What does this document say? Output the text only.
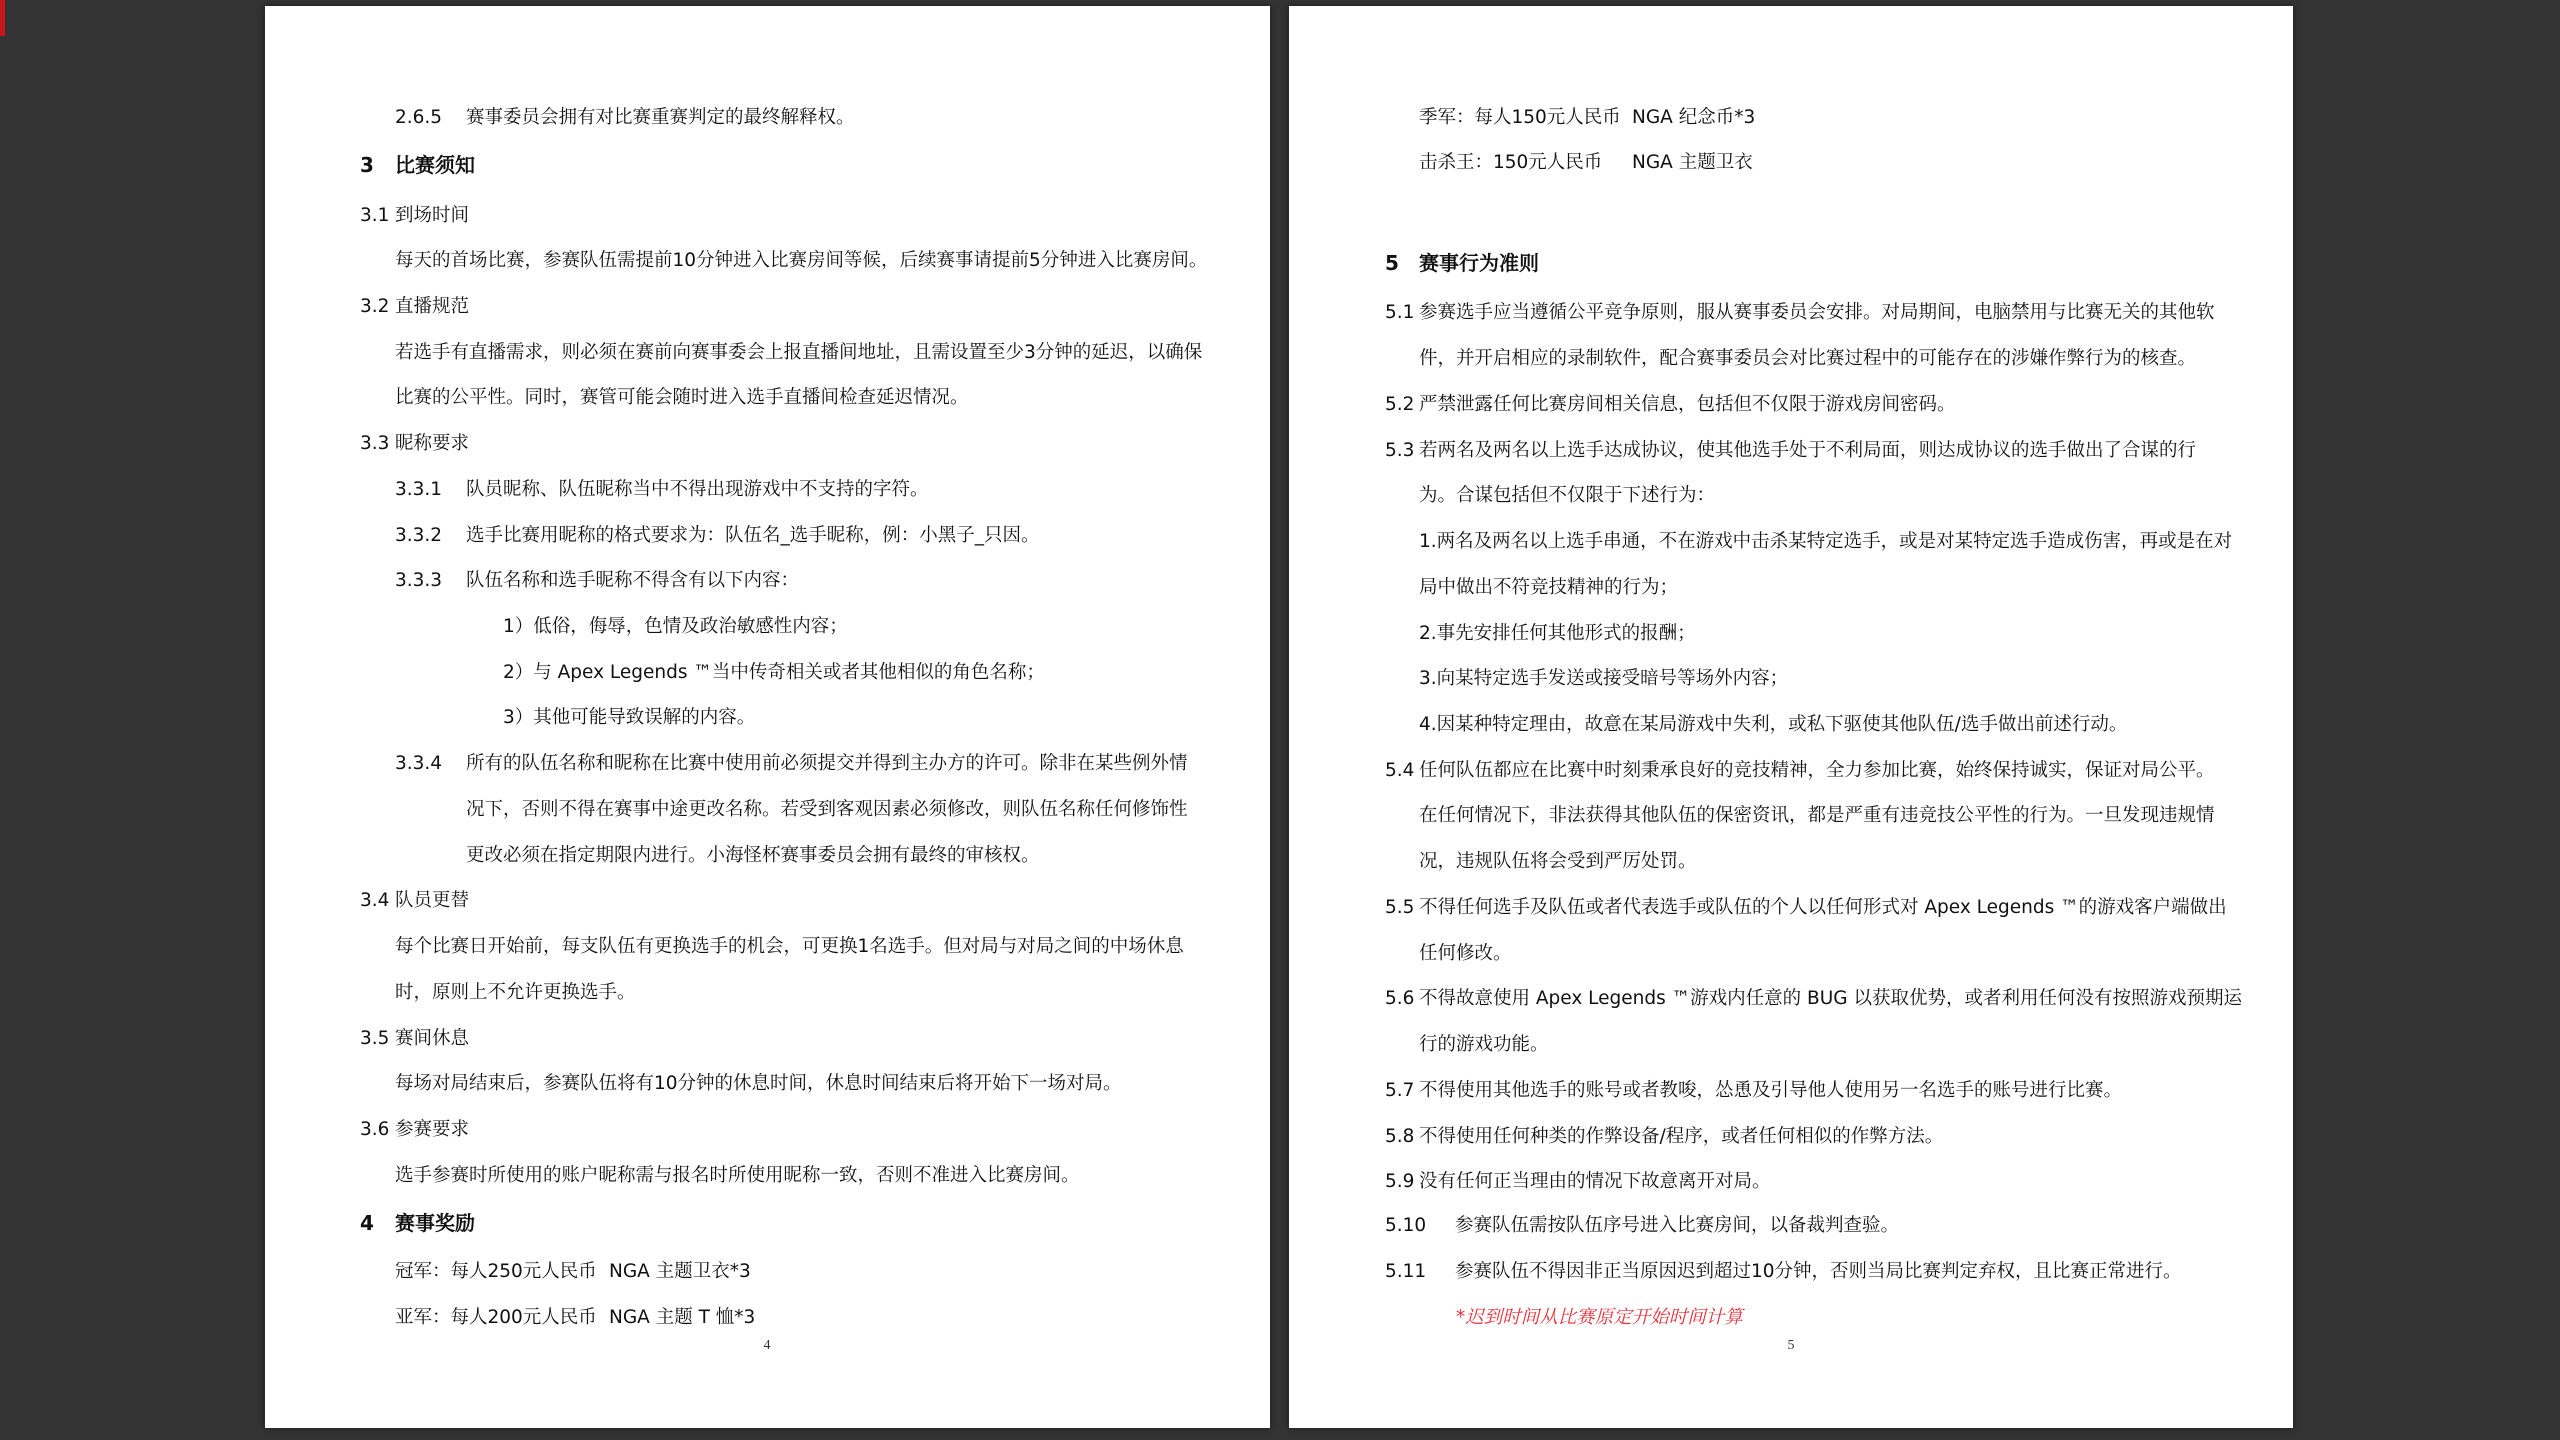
2.6.5 赛事委员会拥有对比赛重赛判定的最终解释权。
3 比赛须知
3.1 到场时间
每天的首场比赛，参赛队伍需提前10分钟进入比赛房间等候，后续赛事请提前5分钟进入比赛房间。
3.2 直播规范
若选手有直播需求，则必须在赛前向赛事委会上报直播间地址，且需设置至少3分钟的延迟，以确保
比赛的公平性。同时，赛管可能会随时进入选手直播间检查延迟情况。
3.3 昵称要求
3.3.1 队员昵称、队伍昵称当中不得出现游戏中不支持的字符。
3.3.2 选手比赛用昵称的格式要求为：队伍名_选手昵称，例：小黑子_只因。
3.3.3 队伍名称和选手昵称不得含有以下内容：
1）低俗，侮辱，色情及政治敏感性内容；
2）与 Apex Legends ™当中传奇相关或者其他相似的角色名称；
3）其他可能导致误解的内容。
3.3.4 所有的队伍名称和昵称在比赛中使用前必须提交并得到主办方的许可。除非在某些例外情
况下，否则不得在赛事中途更改名称。若受到客观因素必须修改，则队伍名称任何修饰性
更改必须在指定期限内进行。小海怪杯赛事委员会拥有最终的审核权。
3.4 队员更替
每个比赛日开始前，每支队伍有更换选手的机会，可更换1名选手。但对局与对局之间的中场休息
时，原则上不允许更换选手。
3.5 赛间休息
每场对局结束后，参赛队伍将有10分钟的休息时间，休息时间结束后将开始下一场对局。
3.6 参赛要求
选手参赛时所使用的账户昵称需与报名时所使用昵称一致，否则不准进入比赛房间。
4 赛事奖励
冠军：每人250元人民币 NGA 主题卫衣*3
亚军：每人200元人民币 NGA 主题 T 恤*3
4
季军：每人150元人民币 NGA 纪念币*3
击杀王：150元人民币 NGA 主题卫衣
5 赛事行为准则
5.1 参赛选手应当遵循公平竞争原则，服从赛事委员会安排。对局期间，电脑禁用与比赛无关的其他软
件，并开启相应的录制软件，配合赛事委员会对比赛过程中的可能存在的涉嫌作弊行为的核查。
5.2 严禁泄露任何比赛房间相关信息，包括但不仅限于游戏房间密码。
5.3 若两名及两名以上选手达成协议，使其他选手处于不利局面，则达成协议的选手做出了合谋的行
为。合谋包括但不仅限于下述行为：
1.两名及两名以上选手串通，不在游戏中击杀某特定选手，或是对某特定选手造成伤害，再或是在对
局中做出不符竞技精神的行为；
2.事先安排任何其他形式的报酬；
3.向某特定选手发送或接受暗号等场外内容；
4.因某种特定理由，故意在某局游戏中失利，或私下驱使其他队伍/选手做出前述行动。
5.4 任何队伍都应在比赛中时刻秉承良好的竞技精神，全力参加比赛，始终保持诚实，保证对局公平。
在任何情况下，非法获得其他队伍的保密资讯，都是严重有违竞技公平性的行为。一旦发现违规情
况，违规队伍将会受到严厉处罚。
5.5 不得任何选手及队伍或者代表选手或队伍的个人以任何形式对 Apex Legends ™的游戏客户端做出
任何修改。
5.6 不得故意使用 Apex Legends ™游戏内任意的 BUG 以获取优势，或者利用任何没有按照游戏预期运
行的游戏功能。
5.7 不得使用其他选手的账号或者教唆，怂恿及引导他人使用另一名选手的账号进行比赛。
5.8 不得使用任何种类的作弊设备/程序，或者任何相似的作弊方法。
5.9 没有任何正当理由的情况下故意离开对局。
5.10 参赛队伍需按队伍序号进入比赛房间，以备裁判查验。
5.11 参赛队伍不得因非正当原因迟到超过10分钟，否则当局比赛判定弃权，且比赛正常进行。
*迟到时间从比赛原定开始时间计算
5
